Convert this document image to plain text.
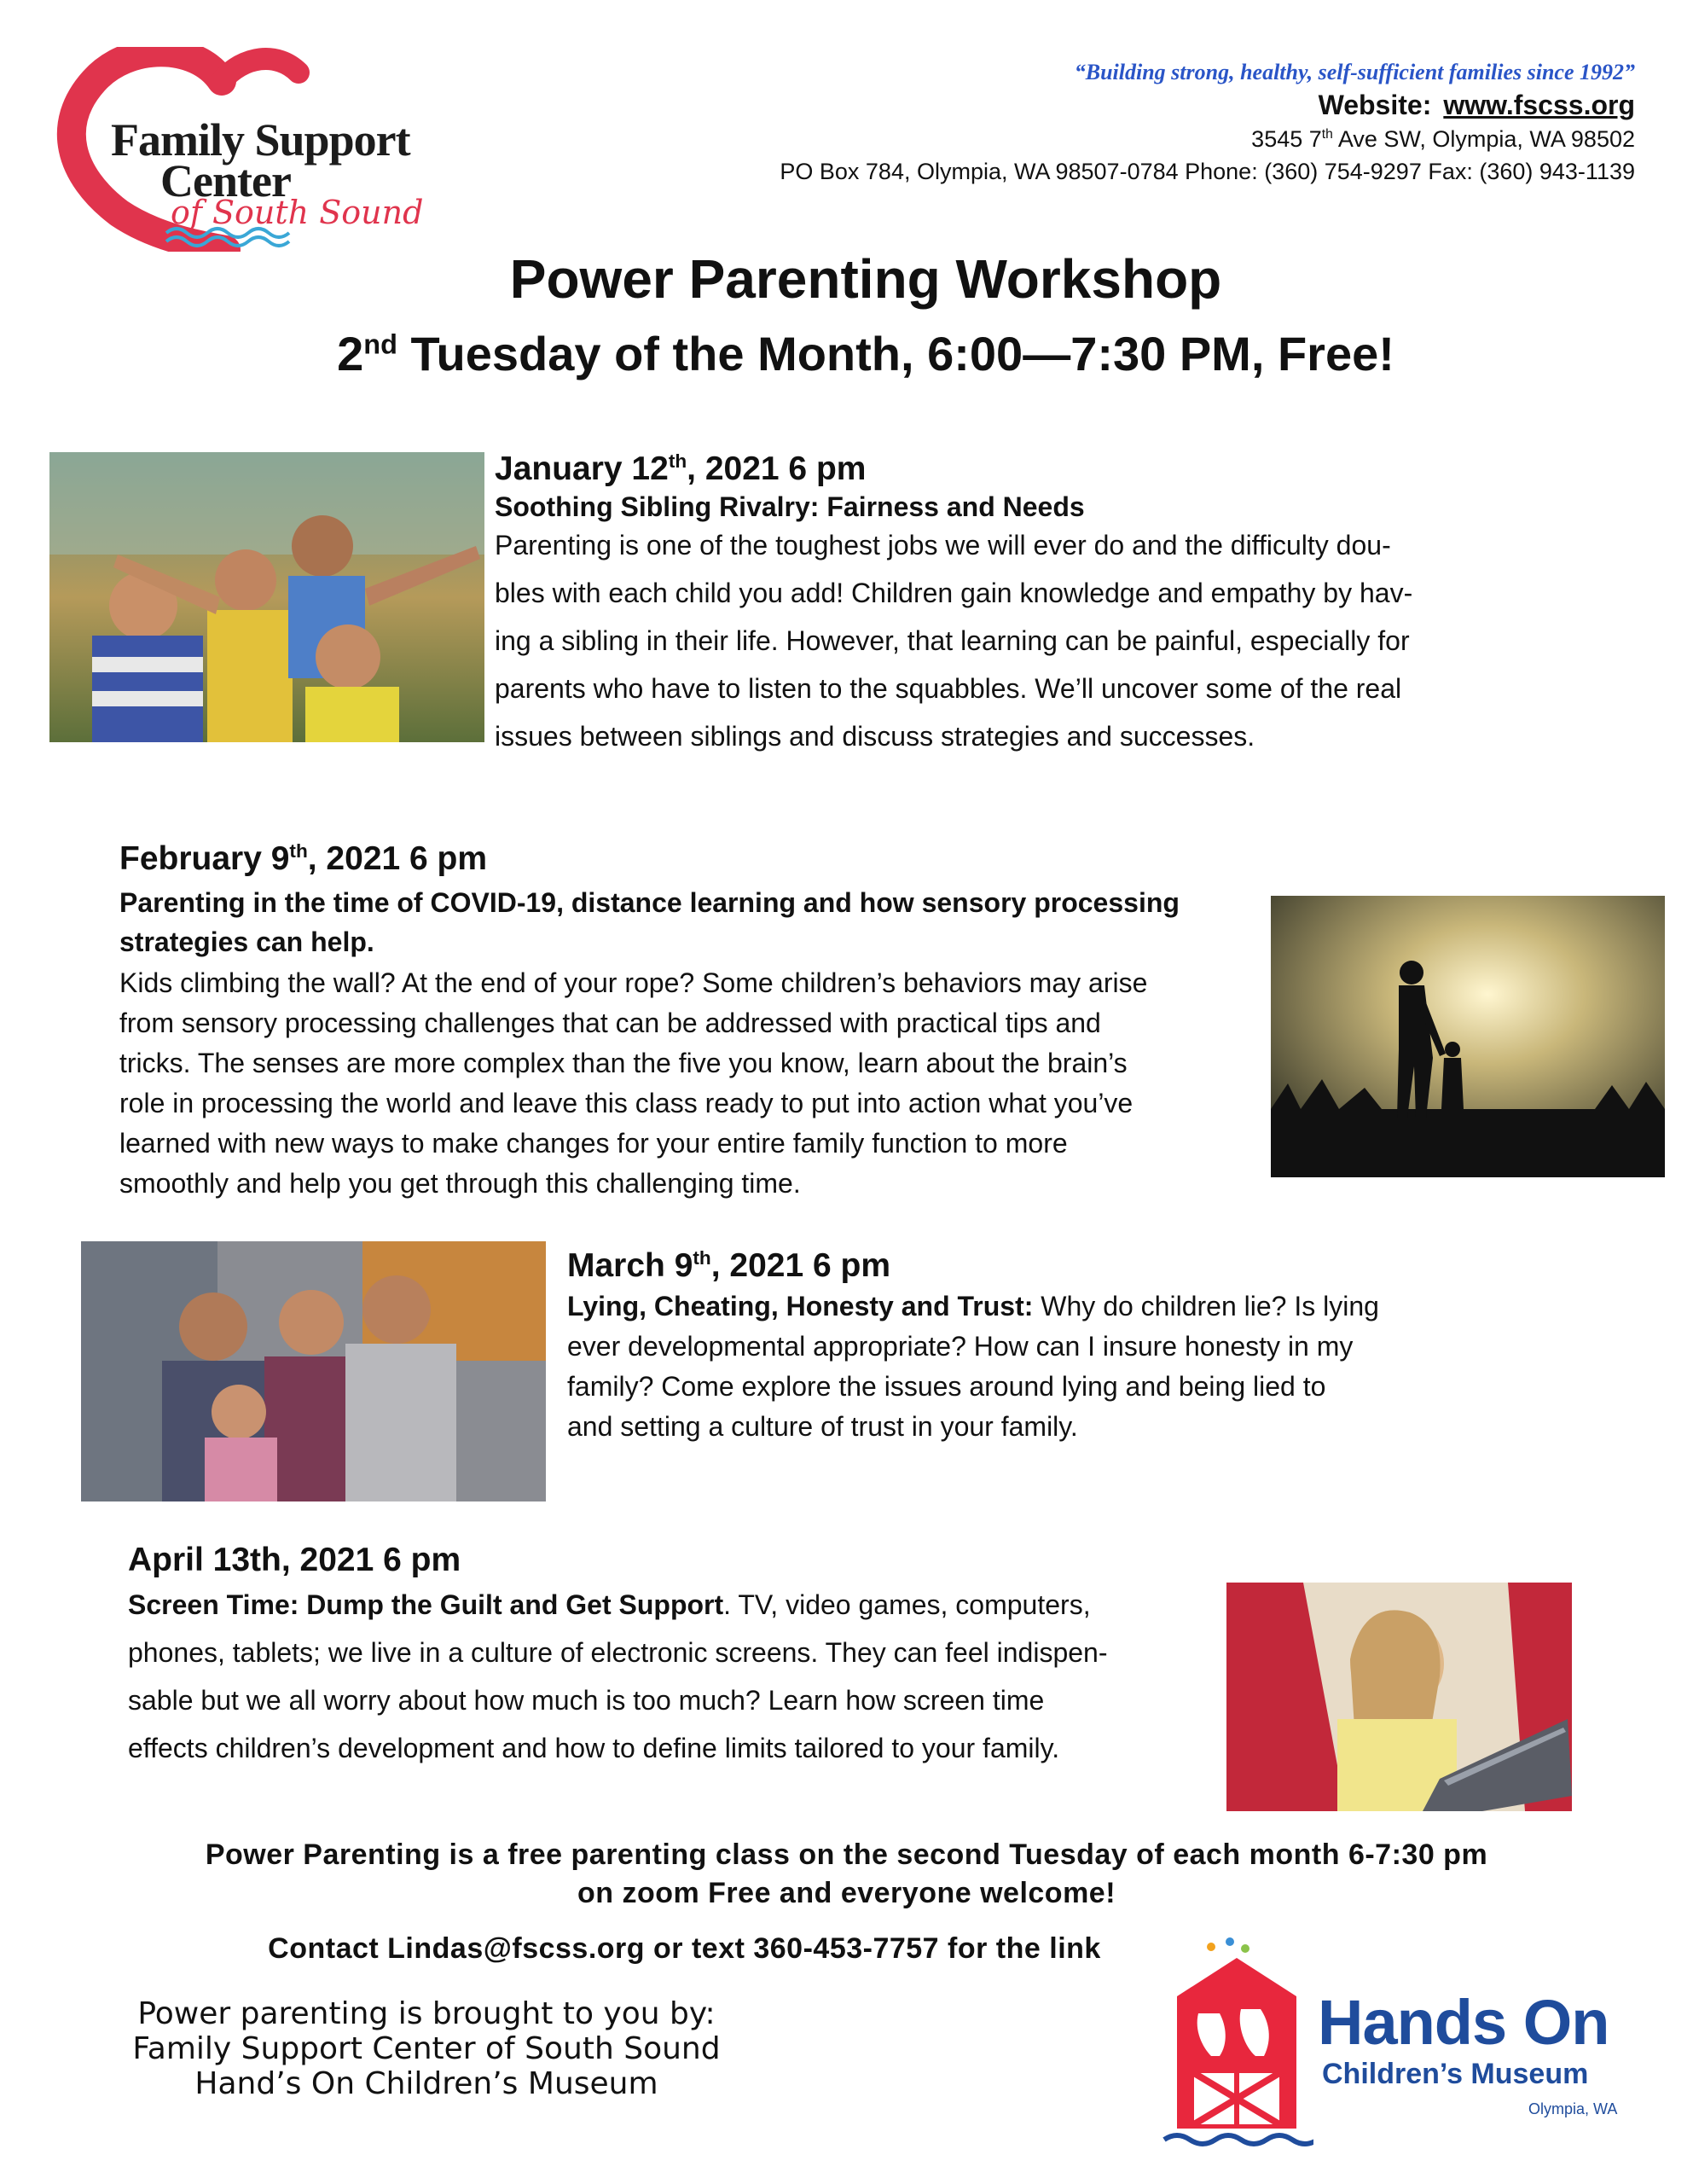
Family Support
Center
of South Sound
“Building strong, healthy, self-sufficient families since 1992”
Website: www.fscss.org
3545 7th Ave SW, Olympia, WA 98502
PO Box 784, Olympia, WA 98507-0784 Phone: (360) 754-9297 Fax: (360) 943-1139
Power Parenting Workshop
2nd Tuesday of the Month, 6:00—7:30 PM, Free!
January 12th, 2021 6 pm
Soothing Sibling Rivalry: Fairness and Needs
Parenting is one of the toughest jobs we will ever do and the difficulty dou-
bles with each child you add! Children gain knowledge and empathy by hav-
ing a sibling in their life. However, that learning can be painful, especially for
parents who have to listen to the squabbles. We’ll uncover some of the real
issues between siblings and discuss strategies and successes.
February 9th, 2021 6 pm
Parenting in the time of COVID-19, distance learning and how sensory processing
strategies can help.
Kids climbing the wall? At the end of your rope? Some children’s behaviors may arise
from sensory processing challenges that can be addressed with practical tips and
tricks. The senses are more complex than the five you know, learn about the brain’s
role in processing the world and leave this class ready to put into action what you’ve
learned with new ways to make changes for your entire family function to more
smoothly and help you get through this challenging time.
March 9th, 2021 6 pm
Lying, Cheating, Honesty and Trust: Why do children lie? Is lying
ever developmental appropriate? How can I insure honesty in my
family? Come explore the issues around lying and being lied to
and setting a culture of trust in your family.
April 13th, 2021 6 pm
Screen Time: Dump the Guilt and Get Support. TV, video games, computers,
phones, tablets; we live in a culture of electronic screens. They can feel indispen-
sable but we all worry about how much is too much? Learn how screen time
effects children’s development and how to define limits tailored to your family.
Power Parenting is a free parenting class on the second Tuesday of each month 6-7:30 pm
on zoom Free and everyone welcome!
Contact Lindas@fscss.org or text 360-453-7757 for the link
Power parenting is brought to you by:
Family Support Center of South Sound
Hand’s On Children’s Museum
Hands On
Children’s Museum
Olympia, WA
